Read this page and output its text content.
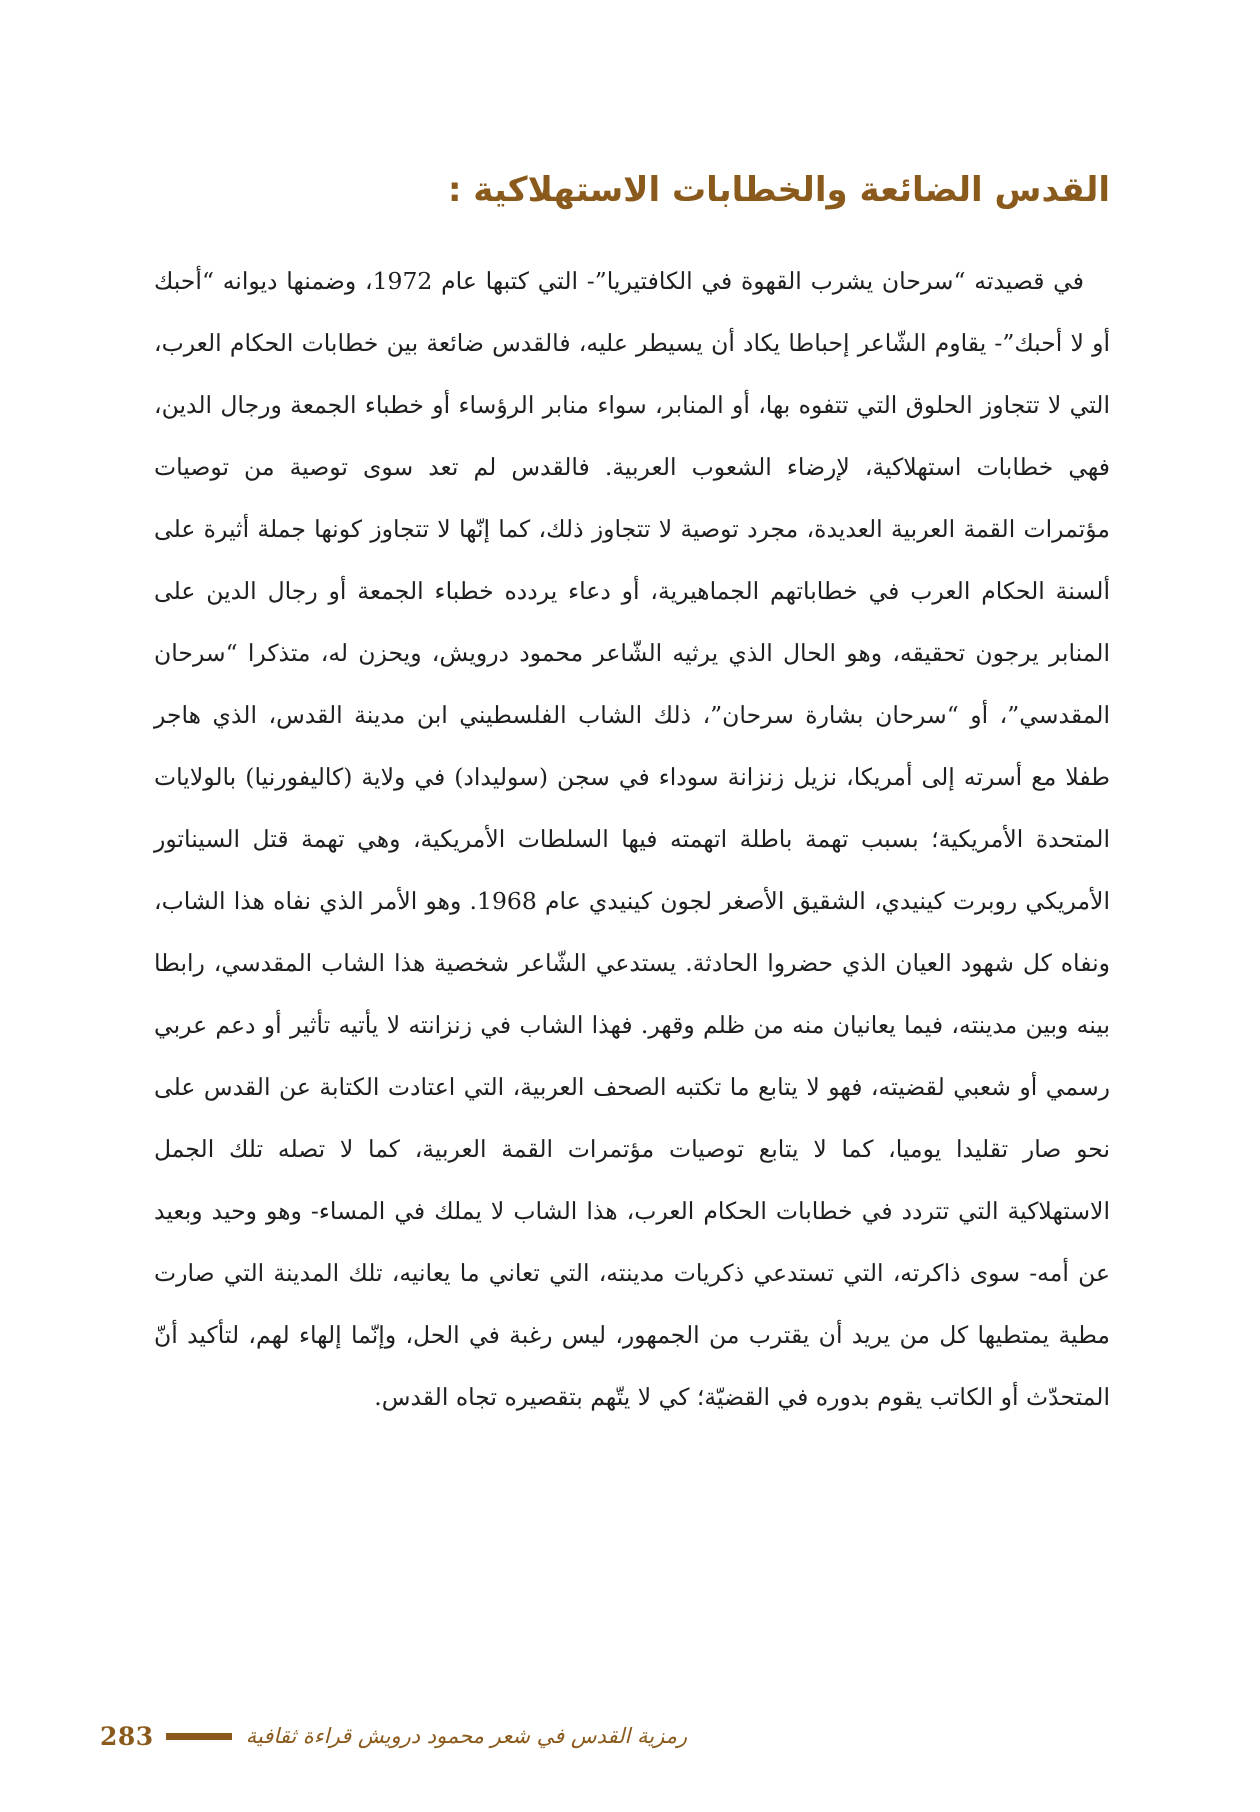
القدس الضائعة والخطابات الاستهلاكية :

في قصيدته “سرحان يشرب القهوة في الكافتيريا”- التي كتبها عام 1972، وضمنها ديوانه “أحبك أو لا أحبك”- يقاوم الشّاعر إحباطا يكاد أن يسيطر عليه، فالقدس ضائعة بين خطابات الحكام العرب، التي لا تتجاوز الحلوق التي تتفوه بها، أو المنابر، سواء منابر الرؤساء أو خطباء الجمعة ورجال الدين، فهي خطابات استهلاكية، لإرضاء الشعوب العربية. فالقدس لم تعد سوى توصية من توصيات مؤتمرات القمة العربية العديدة، مجرد توصية لا تتجاوز ذلك، كما إنّها لا تتجاوز كونها جملة أثيرة على ألسنة الحكام العرب في خطاباتهم الجماهيرية، أو دعاء يردده خطباء الجمعة أو رجال الدين على المنابر يرجون تحقيقه، وهو الحال الذي يرثيه الشّاعر محمود درويش، ويحزن له، متذكرا “سرحان المقدسي”، أو “سرحان بشارة سرحان”، ذلك الشاب الفلسطيني ابن مدينة القدس، الذي هاجر طفلا مع أسرته إلى أمريكا، نزيل زنزانة سوداء في سجن (سوليداد) في ولاية (كاليفورنيا) بالولايات المتحدة الأمريكية؛ بسبب تهمة باطلة اتهمته فيها السلطات الأمريكية، وهي تهمة قتل السيناتور الأمريكي روبرت كينيدي، الشقيق الأصغر لجون كينيدي عام 1968. وهو الأمر الذي نفاه هذا الشاب، ونفاه كل شهود العيان الذي حضروا الحادثة. يستدعي الشّاعر شخصية هذا الشاب المقدسي، رابطا بينه وبين مدينته، فيما يعانيان منه من ظلم وقهر. فهذا الشاب في زنزانته لا يأتيه تأثير أو دعم عربي رسمي أو شعبي لقضيته، فهو لا يتابع ما تكتبه الصحف العربية، التي اعتادت الكتابة عن القدس على نحو صار تقليدا يوميا، كما لا يتابع توصيات مؤتمرات القمة العربية، كما لا تصله تلك الجمل الاستهلاكية التي تتردد في خطابات الحكام العرب، هذا الشاب لا يملك في المساء- وهو وحيد وبعيد عن أمه- سوى ذاكرته، التي تستدعي ذكريات مدينته، التي تعاني ما يعانيه، تلك المدينة التي صارت مطية يمتطيها كل من يريد أن يقترب من الجمهور، ليس رغبة في الحل، وإنّما إلهاء لهم، لتأكيد أنّ المتحدّث أو الكاتب يقوم بدوره في القضيّة؛ كي لا يتّهم بتقصيره تجاه القدس.

283	رمزية القدس في شعر محمود درويش قراءة ثقافية
